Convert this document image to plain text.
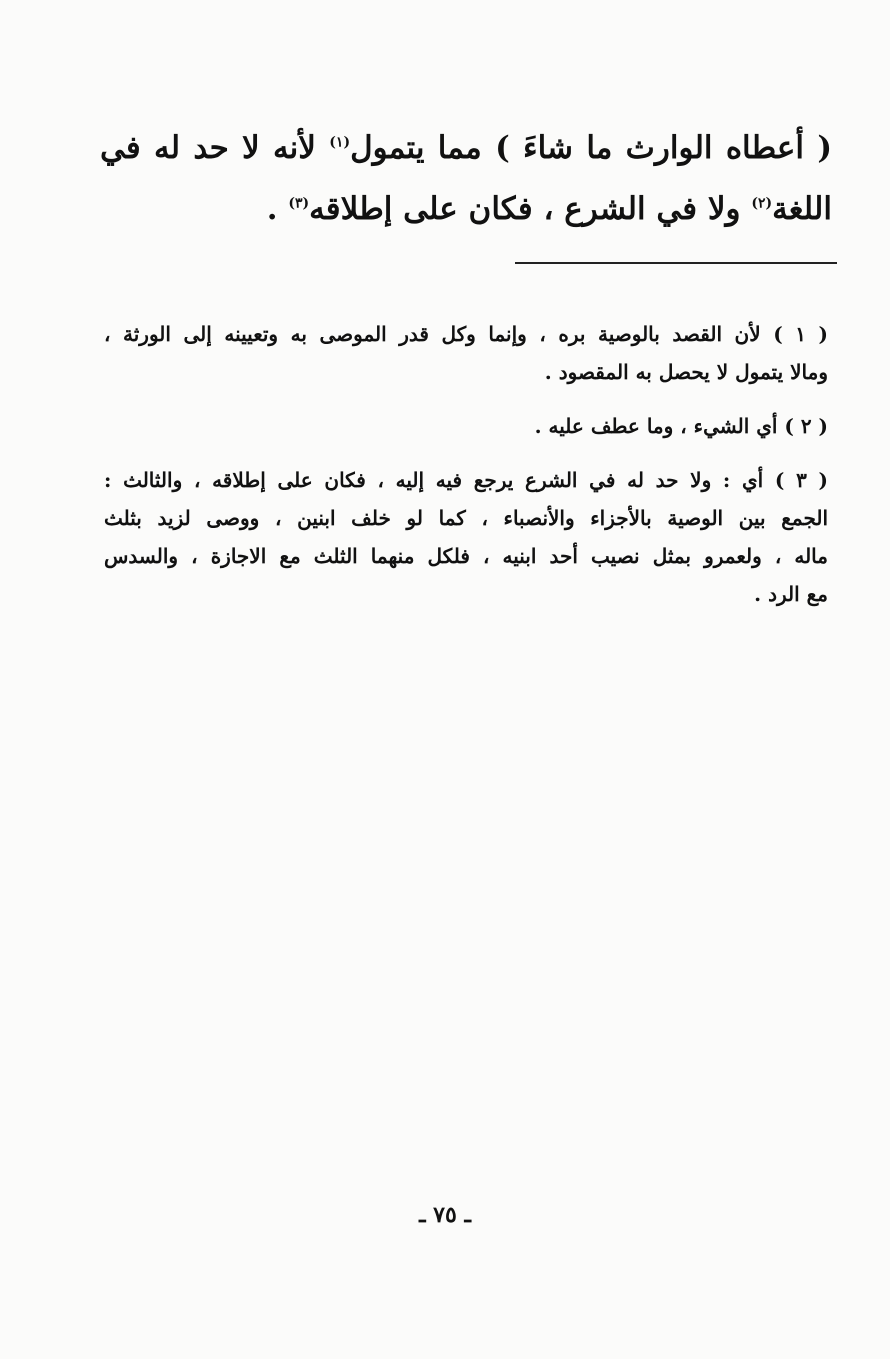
( أعطاه الوارث ما شاءَ ) مما يتمول$^{(١)}$ لأنه لا حد له في
اللغة$^{(٢)}$ ولا في الشرع ، فكان على إطلاقه$^{(٣)}$ .
( ١ ) لأن القصد بالوصية بره ، وإنما وكل قدر الموصى به وتعيينه إلى الورثة ،
ومالا يتمول لا يحصل به المقصود .
( ٢ ) أي الشيء ، وما عطف عليه .
( ٣ ) أي : ولا حد له في الشرع يرجع فيه إليه ، فكان على إطلاقه ، والثالث :
الجمع بين الوصية بالأجزاء والأنصباء ، كما لو خلف ابنين ، ووصى لزيد بثلث
ماله ، ولعمرو بمثل نصيب أحد ابنيه ، فلكل منهما الثلث مع الاجازة ، والسدس
مع الرد .
ـ ٧٥ ـ
